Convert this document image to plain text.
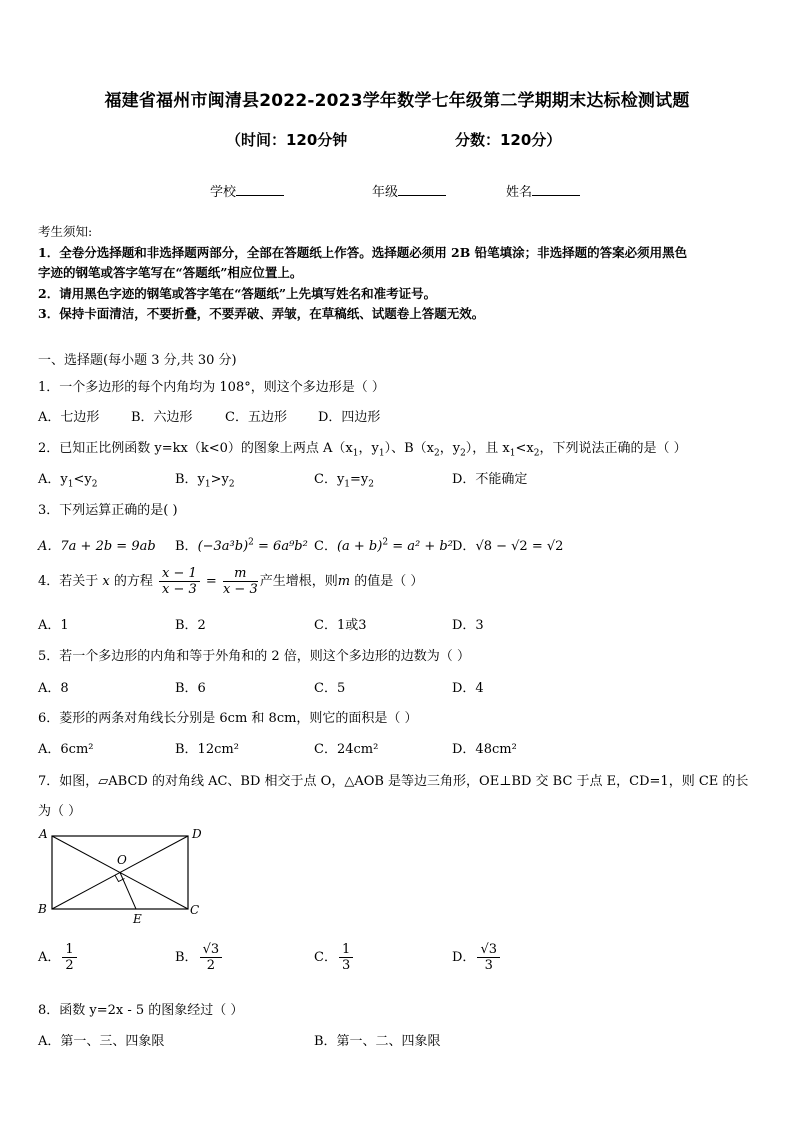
福建省福州市闽清县2022-2023学年数学七年级第二学期期末达标检测试题
（时间：120分钟	分数：120分）
学校	年级	姓名
考生须知:
1．全卷分选择题和非选择题两部分，全部在答题纸上作答。选择题必须用 2B 铅笔填涂；非选择题的答案必须用黑色
字迹的钢笔或答字笔写在“答题纸”相应位置上。
2．请用黑色字迹的钢笔或答字笔在“答题纸”上先填写姓名和准考证号。
3．保持卡面清洁，不要折叠，不要弄破、弄皱，在草稿纸、试题卷上答题无效。
一、选择题(每小题 3 分,共 30 分)
1．一个多边形的每个内角均为 108°，则这个多边形是（ ）
A．七边形 B．六边形 C．五边形 D．四边形
2．已知正比例函数 y=kx（k<0）的图象上两点 $A(x_1$，$y_1$）、$B(x_2$，$y_2$），且 $x_1<x_2$，下列说法正确的是（ ）
A．$y_1<y_2$	B．$y_1>y_2$	C．$y_1=y_2$	D．不能确定
3．下列运算正确的是( )
A．7a + 2b = 9ab B．$(-3a^3b)^2 = 6a^9b^2$ C．$(a + b)^2 = a^2 + b^2$ D．√8 − √2 = √2
4．若关于 x 的方程 $\frac{x - 1}{x - 3} = \frac{m}{x - 3}$ 产生增根，则m 的值是（ ）
A．1	B．2	C．1或3	D．3
5．若一个多边形的内角和等于外角和的 2 倍，则这个多边形的边数为（ ）
A．8	B．6	C．5	D．4
6．菱形的两条对角线长分别是 6cm 和 8cm，则它的面积是（ ）
A．6cm²	B．12cm²	C．24cm²	D．48cm²
7．如图，▱ABCD 的对角线 AC、BD 相交于点 O，△AOB 是等边三角形，OE⊥BD 交 BC 于点 E，CD=1，则 CE 的长
为（ ）
A	D
B	C
O
E
A． $\frac{1}{2}$	B． $\frac{√3}{2}$	C． $\frac{1}{3}$	D． $\frac{√3}{3}$
8．函数 y=2x - 5 的图象经过（ ）
A．第一、三、四象限	B．第一、二、四象限
